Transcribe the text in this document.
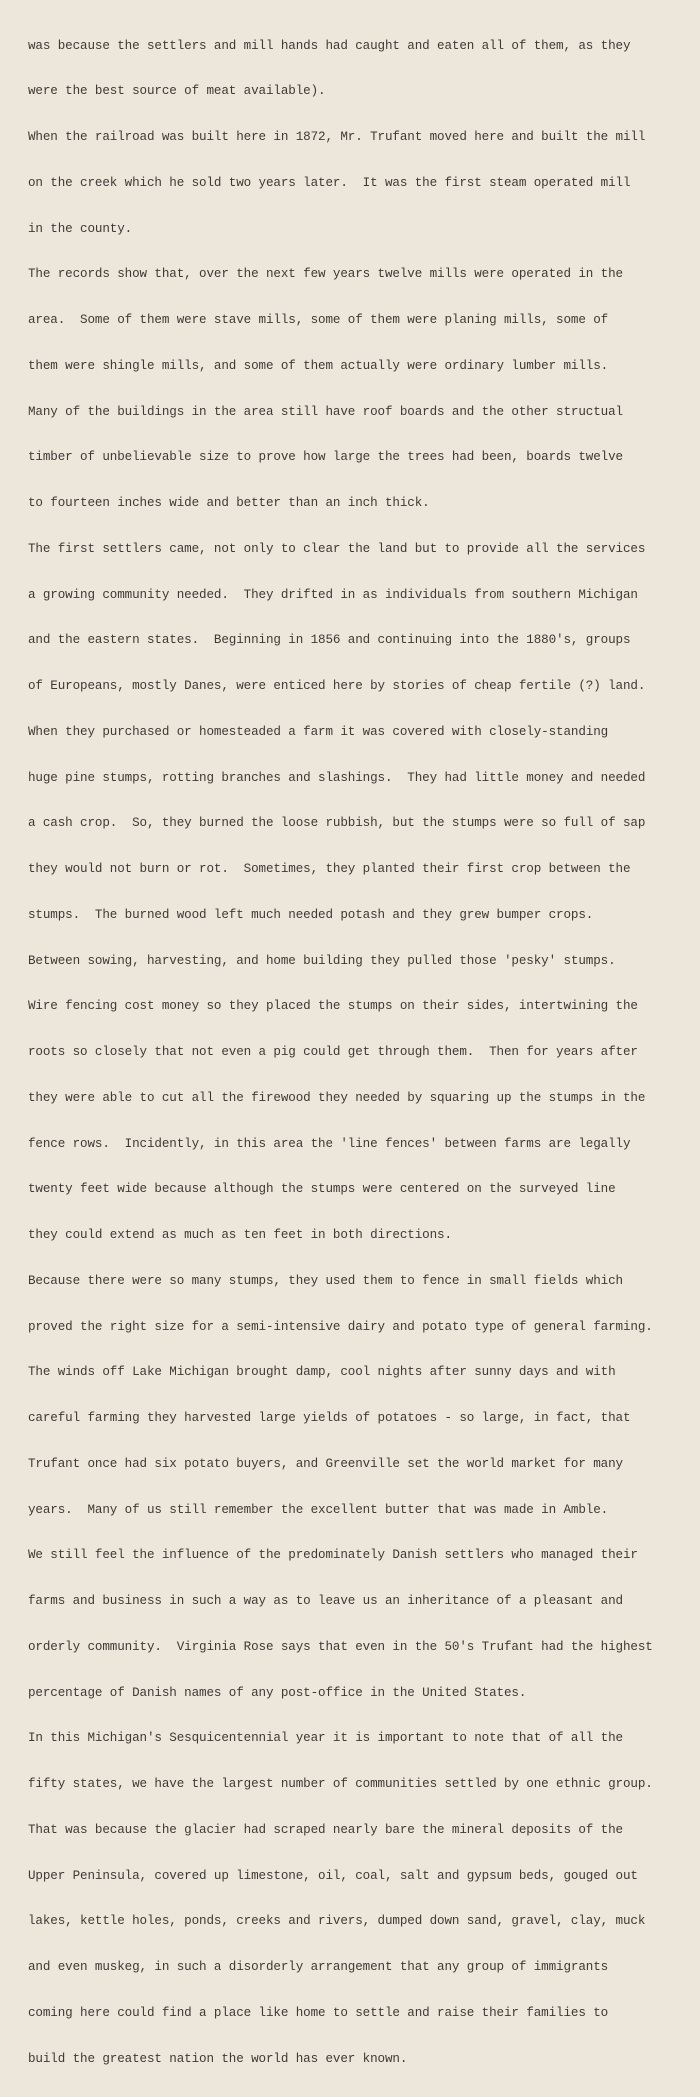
was because the settlers and mill hands had caught and eaten all of them, as they

were the best source of meat available).

When the railroad was built here in 1872, Mr. Trufant moved here and built the mill

on the creek which he sold two years later.  It was the first steam operated mill

in the county.

The records show that, over the next few years twelve mills were operated in the

area.  Some of them were stave mills, some of them were planing mills, some of

them were shingle mills, and some of them actually were ordinary lumber mills.

Many of the buildings in the area still have roof boards and the other structual

timber of unbelievable size to prove how large the trees had been, boards twelve

to fourteen inches wide and better than an inch thick.

The first settlers came, not only to clear the land but to provide all the services

a growing community needed.  They drifted in as individuals from southern Michigan

and the eastern states.  Beginning in 1856 and continuing into the 1880's, groups

of Europeans, mostly Danes, were enticed here by stories of cheap fertile (?) land.

When they purchased or homesteaded a farm it was covered with closely-standing

huge pine stumps, rotting branches and slashings.  They had little money and needed

a cash crop.  So, they burned the loose rubbish, but the stumps were so full of sap

they would not burn or rot.  Sometimes, they planted their first crop between the

stumps.  The burned wood left much needed potash and they grew bumper crops.

Between sowing, harvesting, and home building they pulled those 'pesky' stumps.

Wire fencing cost money so they placed the stumps on their sides, intertwining the

roots so closely that not even a pig could get through them.  Then for years after

they were able to cut all the firewood they needed by squaring up the stumps in the

fence rows.  Incidently, in this area the 'line fences' between farms are legally

twenty feet wide because although the stumps were centered on the surveyed line

they could extend as much as ten feet in both directions.

Because there were so many stumps, they used them to fence in small fields which

proved the right size for a semi-intensive dairy and potato type of general farming.

The winds off Lake Michigan brought damp, cool nights after sunny days and with

careful farming they harvested large yields of potatoes - so large, in fact, that

Trufant once had six potato buyers, and Greenville set the world market for many

years.  Many of us still remember the excellent butter that was made in Amble.

We still feel the influence of the predominately Danish settlers who managed their

farms and business in such a way as to leave us an inheritance of a pleasant and

orderly community.  Virginia Rose says that even in the 50's Trufant had the highest

percentage of Danish names of any post-office in the United States.

In this Michigan's Sesquicentennial year it is important to note that of all the

fifty states, we have the largest number of communities settled by one ethnic group.

That was because the glacier had scraped nearly bare the mineral deposits of the

Upper Peninsula, covered up limestone, oil, coal, salt and gypsum beds, gouged out

lakes, kettle holes, ponds, creeks and rivers, dumped down sand, gravel, clay, muck

and even muskeg, in such a disorderly arrangement that any group of immigrants

coming here could find a place like home to settle and raise their families to

build the greatest nation the world has ever known.
